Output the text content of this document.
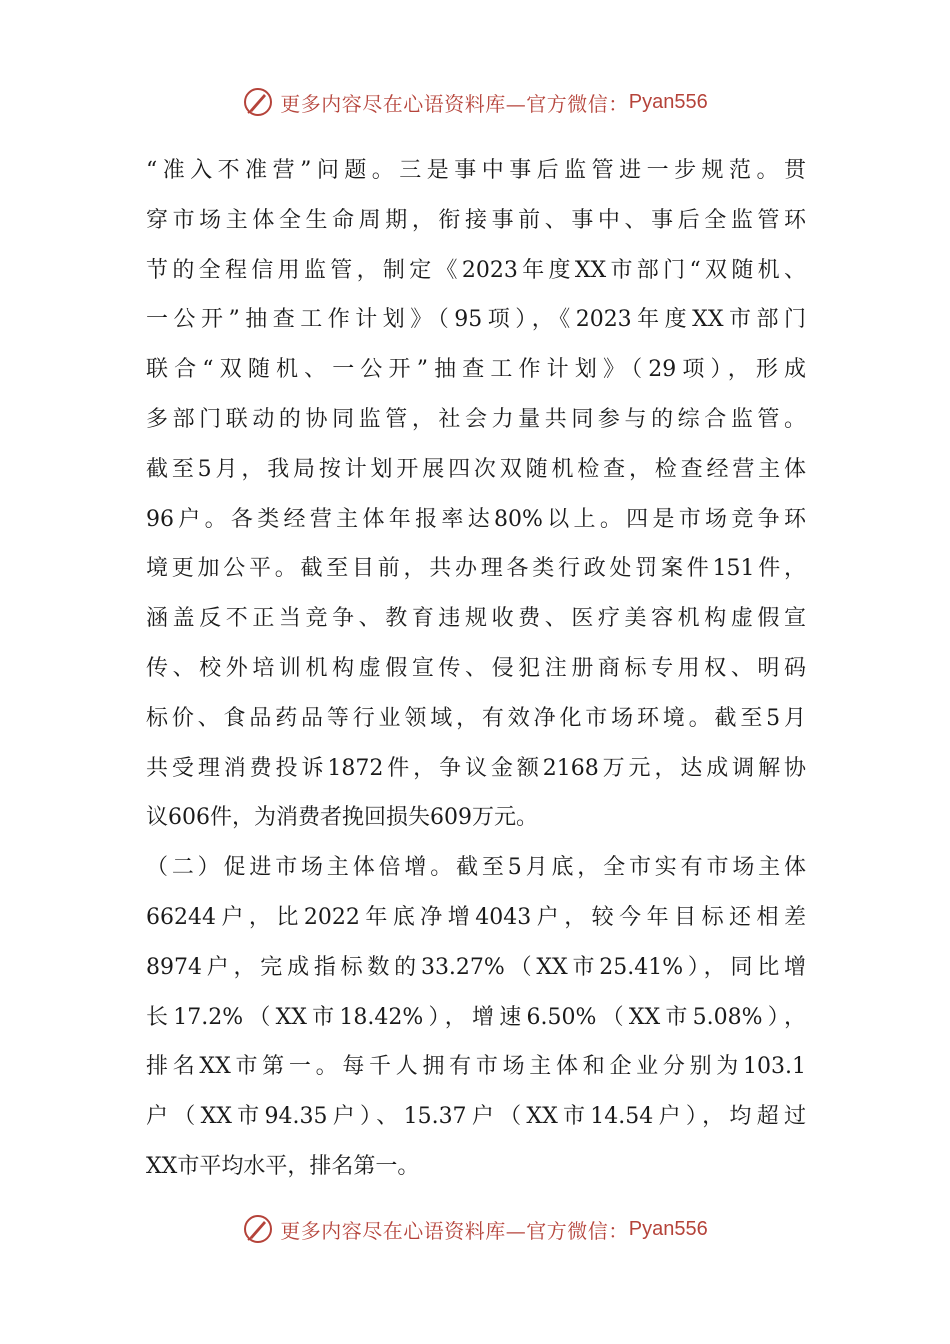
更多内容尽在心语资料库—官方微信： Pyan556
“准入不准营”问题。三是事中事后监管进一步规范。贯
穿市场主体全生命周期，衔接事前、事中、事后全监管环
节的全程信用监管，制定《2023年度XX市部门“双随机、
一公开”抽查工作计划》（95项），《2023年度XX市部门
联合“双随机、一公开”抽查工作计划》（29项），形成
多部门联动的协同监管，社会力量共同参与的综合监管。
截至5月，我局按计划开展四次双随机检查，检查经营主体
96户。各类经营主体年报率达80%以上。四是市场竞争环
境更加公平。截至目前，共办理各类行政处罚案件151件，
涵盖反不正当竞争、教育违规收费、医疗美容机构虚假宣
传、校外培训机构虚假宣传、侵犯注册商标专用权、明码
标价、食品药品等行业领域，有效净化市场环境。截至5月
共受理消费投诉1872件，争议金额2168万元，达成调解协
议606件，为消费者挽回损失609万元。
（二）促进市场主体倍增。截至5月底，全市实有市场主体
66244户，比2022年底净增4043户，较今年目标还相差
8974户，完成指标数的33.27%（XX市25.41%），同比增
长17.2%（XX市18.42%），增速6.50%（XX市5.08%），
排名XX市第一。每千人拥有市场主体和企业分别为103.1
户（XX市94.35户）、15.37户（XX市14.54户），均超过
XX市平均水平，排名第一。
更多内容尽在心语资料库—官方微信： Pyan556
